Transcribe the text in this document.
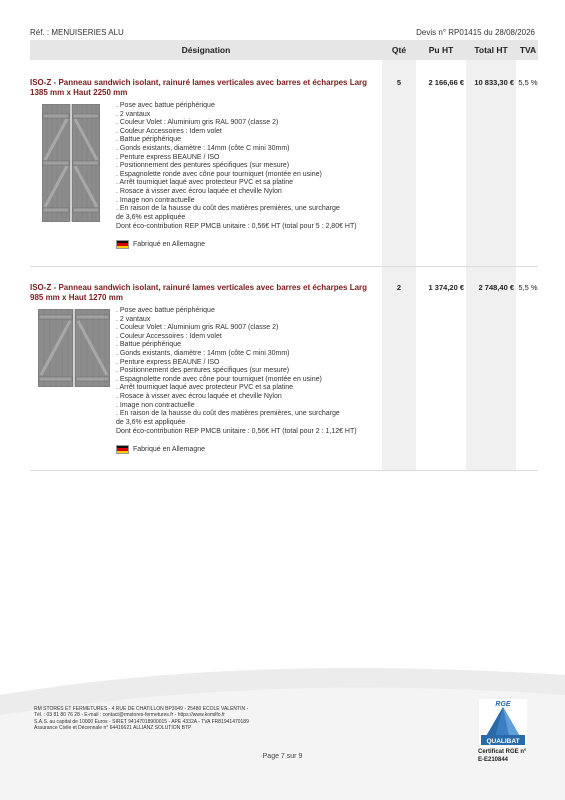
Réf. : MENUISERIES ALU	Devis n° RP01415 du 28/08/2026
Désignation	Qté	Pu HT	Total HT	TVA
ISO-Z - Panneau sandwich isolant, rainuré lames verticales avec barres et écharpes Larg 1385 mm x Haut 2250 mm
5	2 166,66 €	10 833,30 € 5,5 %
. Pose avec battue périphérique
. 2 vantaux
. Couleur Volet : Aluminium gris RAL 9007 (classe 2)
. Couleur Accessoires : Idem volet
. Battue périphérique
. Gonds existants, diamètre : 14mm (côte C mini 30mm)
. Penture express BEAUNE / ISO
. Positionnement des pentures spécifiques (sur mesure)
. Espagnolette ronde avec cône pour tourniquet (montée en usine)
. Arrêt tourniquet laqué avec protecteur PVC et sa platine
. Rosace à visser avec écrou laquée et cheville Nylon
. Image non contractuelle
. En raison de la hausse du coût des matières premières, une surcharge
de 3,6% est appliquée
Dont éco-contribution REP PMCB unitaire : 0,56€ HT (total pour 5 : 2,80€ HT)
Fabriqué en Allemagne
ISO-Z - Panneau sandwich isolant, rainuré lames verticales avec barres et écharpes Larg 985 mm x Haut 1270 mm
2	1 374,20 €	2 748,40 € 5,5 %
. Pose avec battue périphérique
. 2 vantaux
. Couleur Volet : Aluminium gris RAL 9007 (classe 2)
. Couleur Accessoires : Idem volet
. Battue périphérique
. Gonds existants, diamètre : 14mm (côte C mini 30mm)
. Penture express BEAUNE / ISO
. Positionnement des pentures spécifiques (sur mesure)
. Espagnolette ronde avec cône pour tourniquet (montée en usine)
. Arrêt tourniquet laqué avec protecteur PVC et sa platine
. Rosace à visser avec écrou laquée et cheville Nylon
. Image non contractuelle
. En raison de la hausse du coût des matières premières, une surcharge
de 3,6% est appliquée
Dont éco-contribution REP PMCB unitaire : 0,56€ HT (total pour 2 : 1,12€ HT)
Fabriqué en Allemagne
RM STORES ET FERMETURES - 4 RUE DE CHATILLON BP3049 - 25480 ECOLE VALENTIN -
Tél. : 03 81 80 76 28 - E-mail : contact@rmstores-fermetures.fr - https://www.komilfo.fr
S.A.S. au capital de 10000 Euros - SIRET 94147018900015 - APE 4332A - TVA FR81941470189
Assurance Civile et Décennale n° 64416621 ALLIANZ SOLUTION BTP
Page 7 sur 9
QUALIBAT
RGE
Certificat RGE n°
E-E210844
